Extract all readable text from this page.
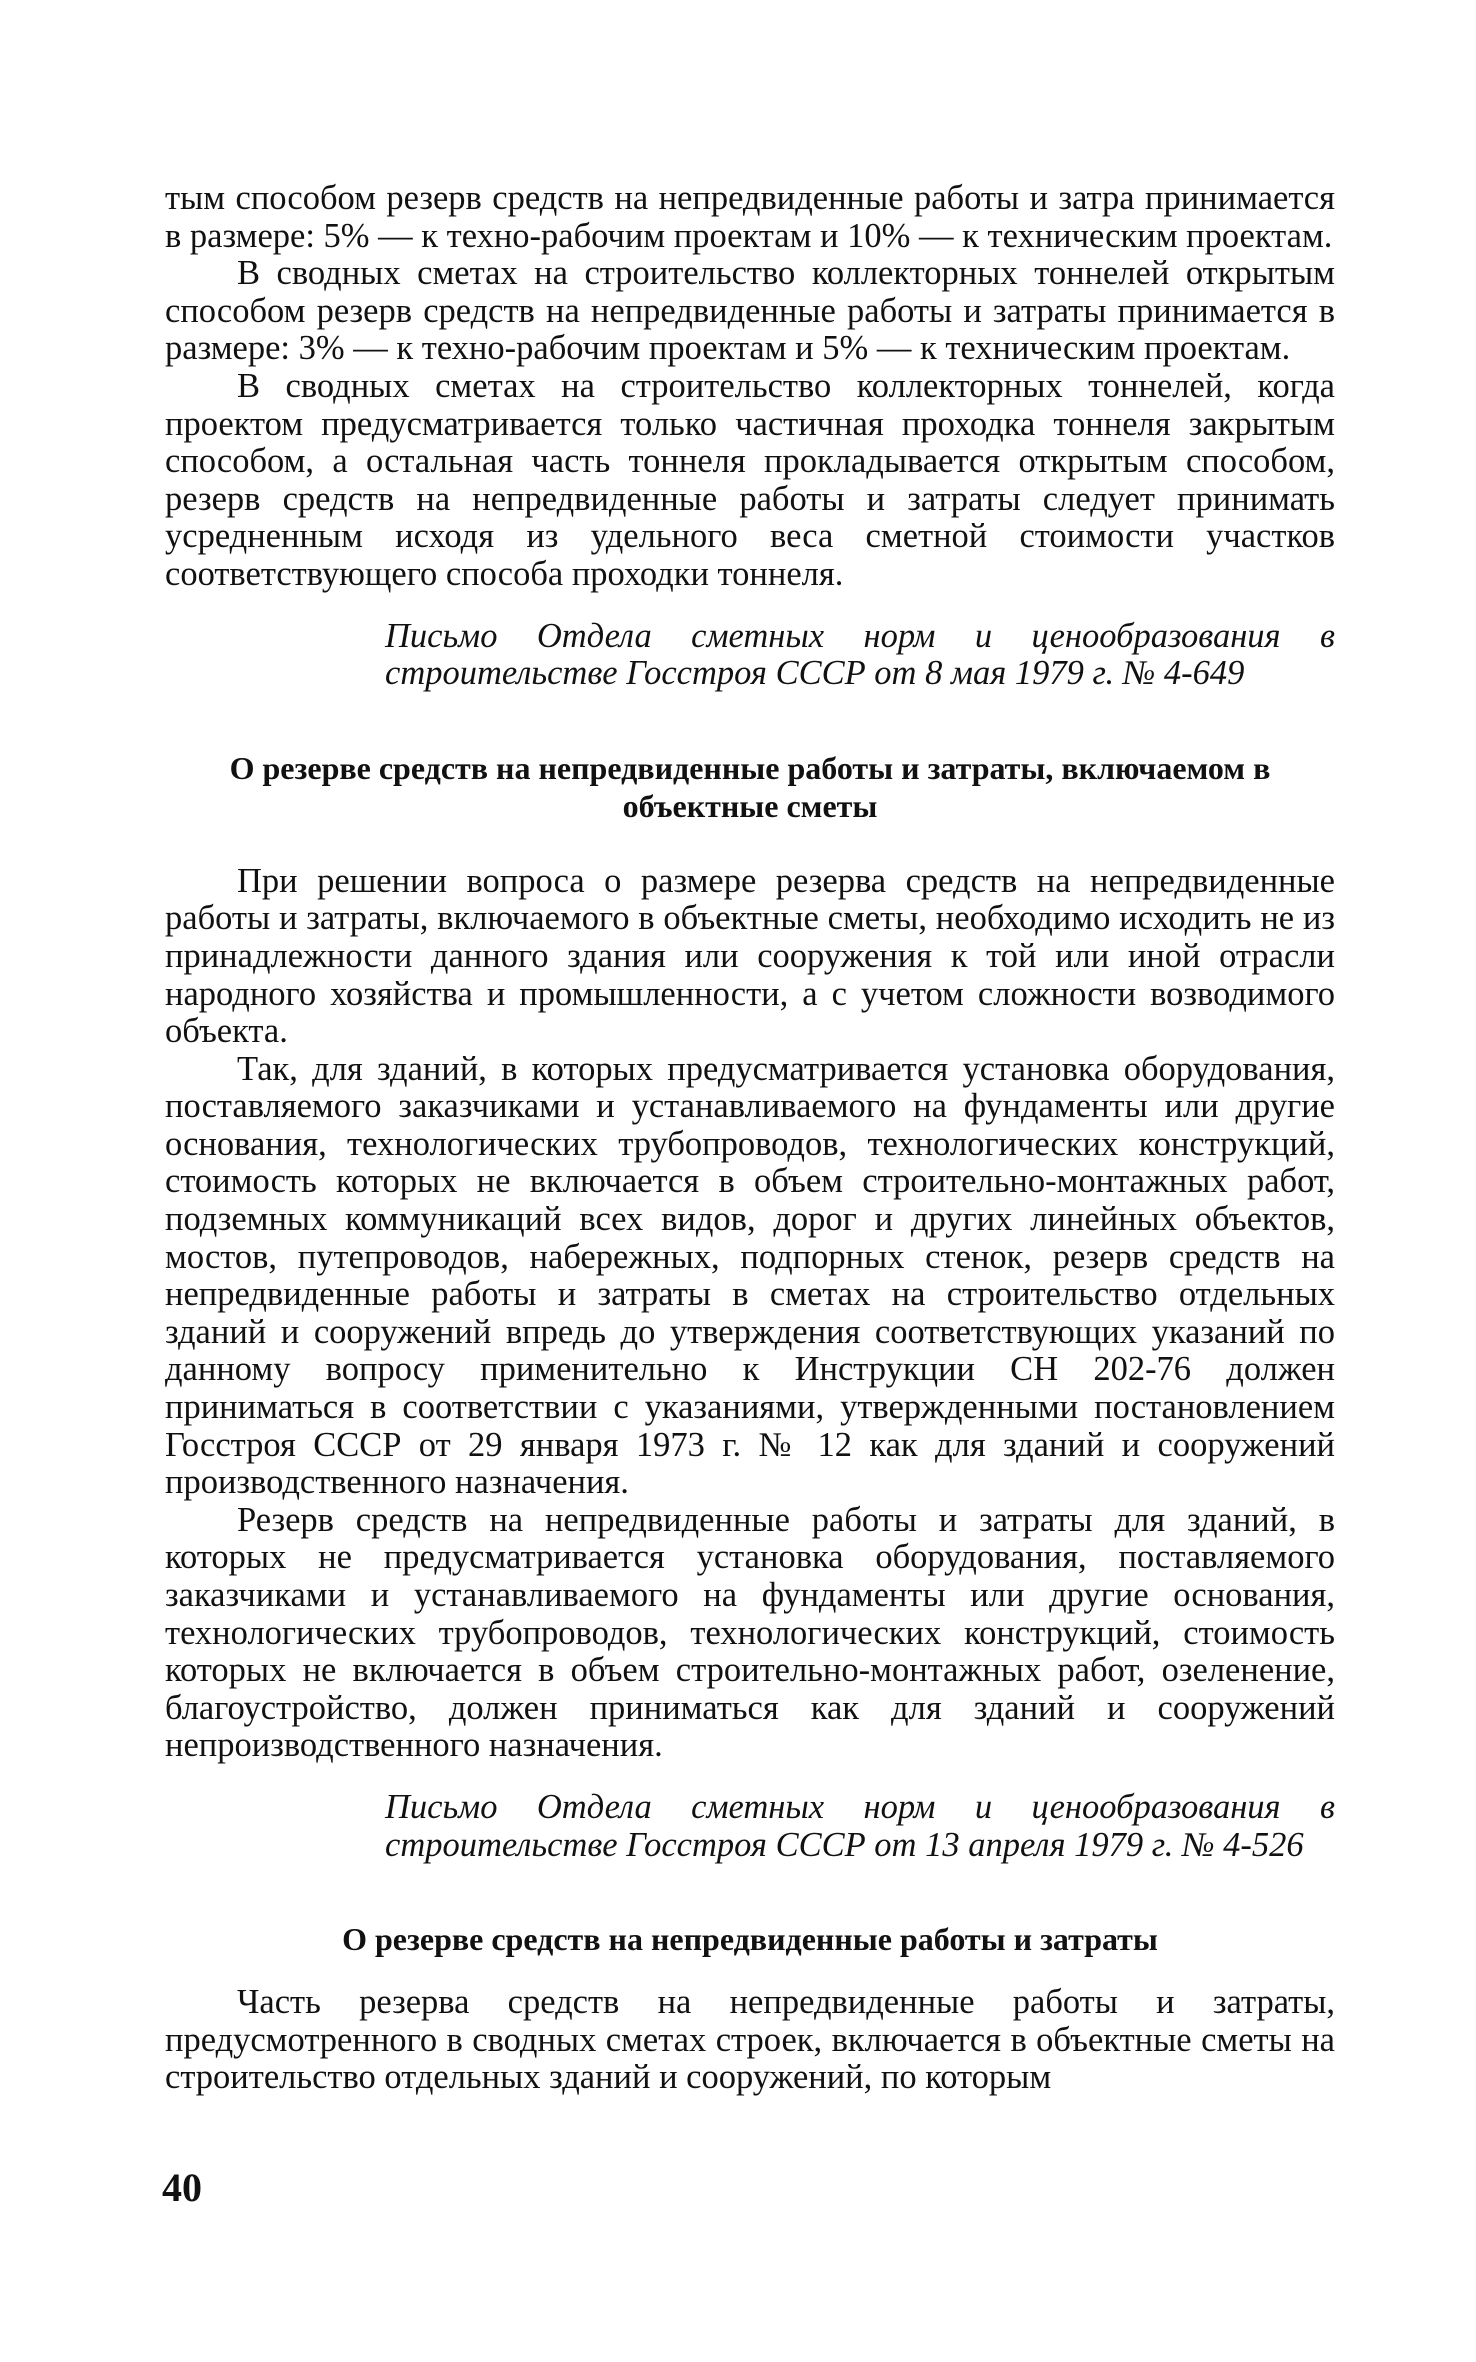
тым способом резерв средств на непредвиденные работы и затра принимается в размере: 5% — к техно-рабочим проектам и 10% — к техническим проектам.

В сводных сметах на строительство коллекторных тоннелей открытым способом резерв средств на непредвиденные работы и затраты принимается в размере: 3% — к техно-рабочим проектам и 5% — к техническим проектам.

В сводных сметах на строительство коллекторных тоннелей, когда проектом предусматривается только частичная проходка тоннеля закрытым способом, а остальная часть тоннеля прокладывается открытым способом, резерв средств на непредвиденные работы и затраты следует принимать усредненным исходя из удельного веса сметной стоимости участков соответствующего способа проходки тоннеля.

Письмо Отдела сметных норм и ценообразования в строительстве Госстроя СССР от 8 мая 1979 г. № 4-649

О резерве средств на непредвиденные работы и затраты, включаемом в объектные сметы

При решении вопроса о размере резерва средств на непредвиденные работы и затраты, включаемого в объектные сметы, необходимо исходить не из принадлежности данного здания или сооружения к той или иной отрасли народного хозяйства и промышленности, а с учетом сложности возводимого объекта.

Так, для зданий, в которых предусматривается установка оборудования, поставляемого заказчиками и устанавливаемого на фундаменты или другие основания, технологических трубопроводов, технологических конструкций, стоимость которых не включается в объем строительно-монтажных работ, подземных коммуникаций всех видов, дорог и других линейных объектов, мостов, путепроводов, набережных, подпорных стенок, резерв средств на непредвиденные работы и затраты в сметах на строительство отдельных зданий и сооружений впредь до утверждения соответствующих указаний по данному вопросу применительно к Инструкции СН 202-76 должен приниматься в соответствии с указаниями, утвержденными постановлением Госстроя СССР от 29 января 1973 г. № 12 как для зданий и сооружений производственного назначения.

Резерв средств на непредвиденные работы и затраты для зданий, в которых не предусматривается установка оборудования, поставляемого заказчиками и устанавливаемого на фундаменты или другие основания, технологических трубопроводов, технологических конструкций, стоимость которых не включается в объем строительно-монтажных работ, озеленение, благоустройство, должен приниматься как для зданий и сооружений непроизводственного назначения.

Письмо Отдела сметных норм и ценообразования в строительстве Госстроя СССР от 13 апреля 1979 г. № 4-526

О резерве средств на непредвиденные работы и затраты

Часть резерва средств на непредвиденные работы и затраты, предусмотренного в сводных сметах строек, включается в объектные сметы на строительство отдельных зданий и сооружений, по которым

40
